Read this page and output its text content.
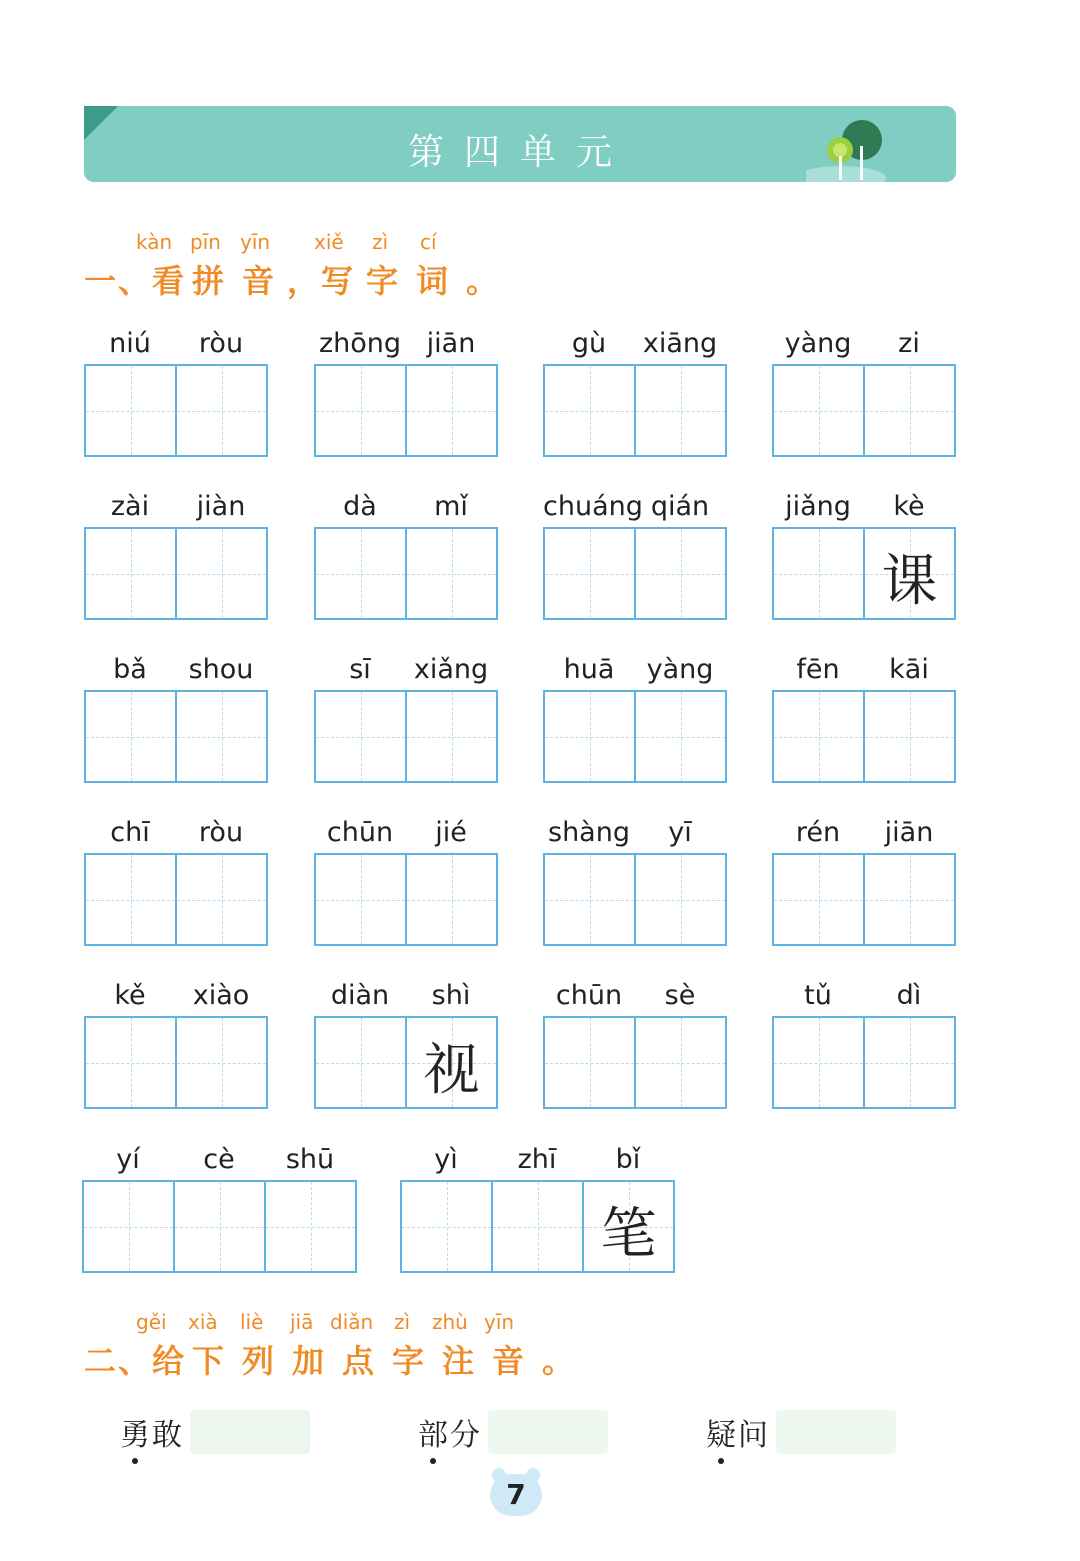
第四单元
kàn pīn yīn xiě zì cí
一、看 拼 音 ，写 字 词 。
niú	ròu	zhōng jiān	gù	xiāng	yàng	zi
zài	jiàn	dà	mǐ	chuáng qián	jiǎng	kè
课
bǎ	shou	sī	xiǎng	huā	yàng	fēn	kāi
chī	ròu	chūn	jié	shàng	yī	rén	jiān
kě	xiào	diàn	shì
视
chūn	sè	tǔ	dì
yí	cè	shū	yì	zhī	bǐ
笔
gěi xià liè jiā diǎn zì zhù yīn
二、给 下 列 加 点 字 注 音 。
勇敢	部分	疑问
7
